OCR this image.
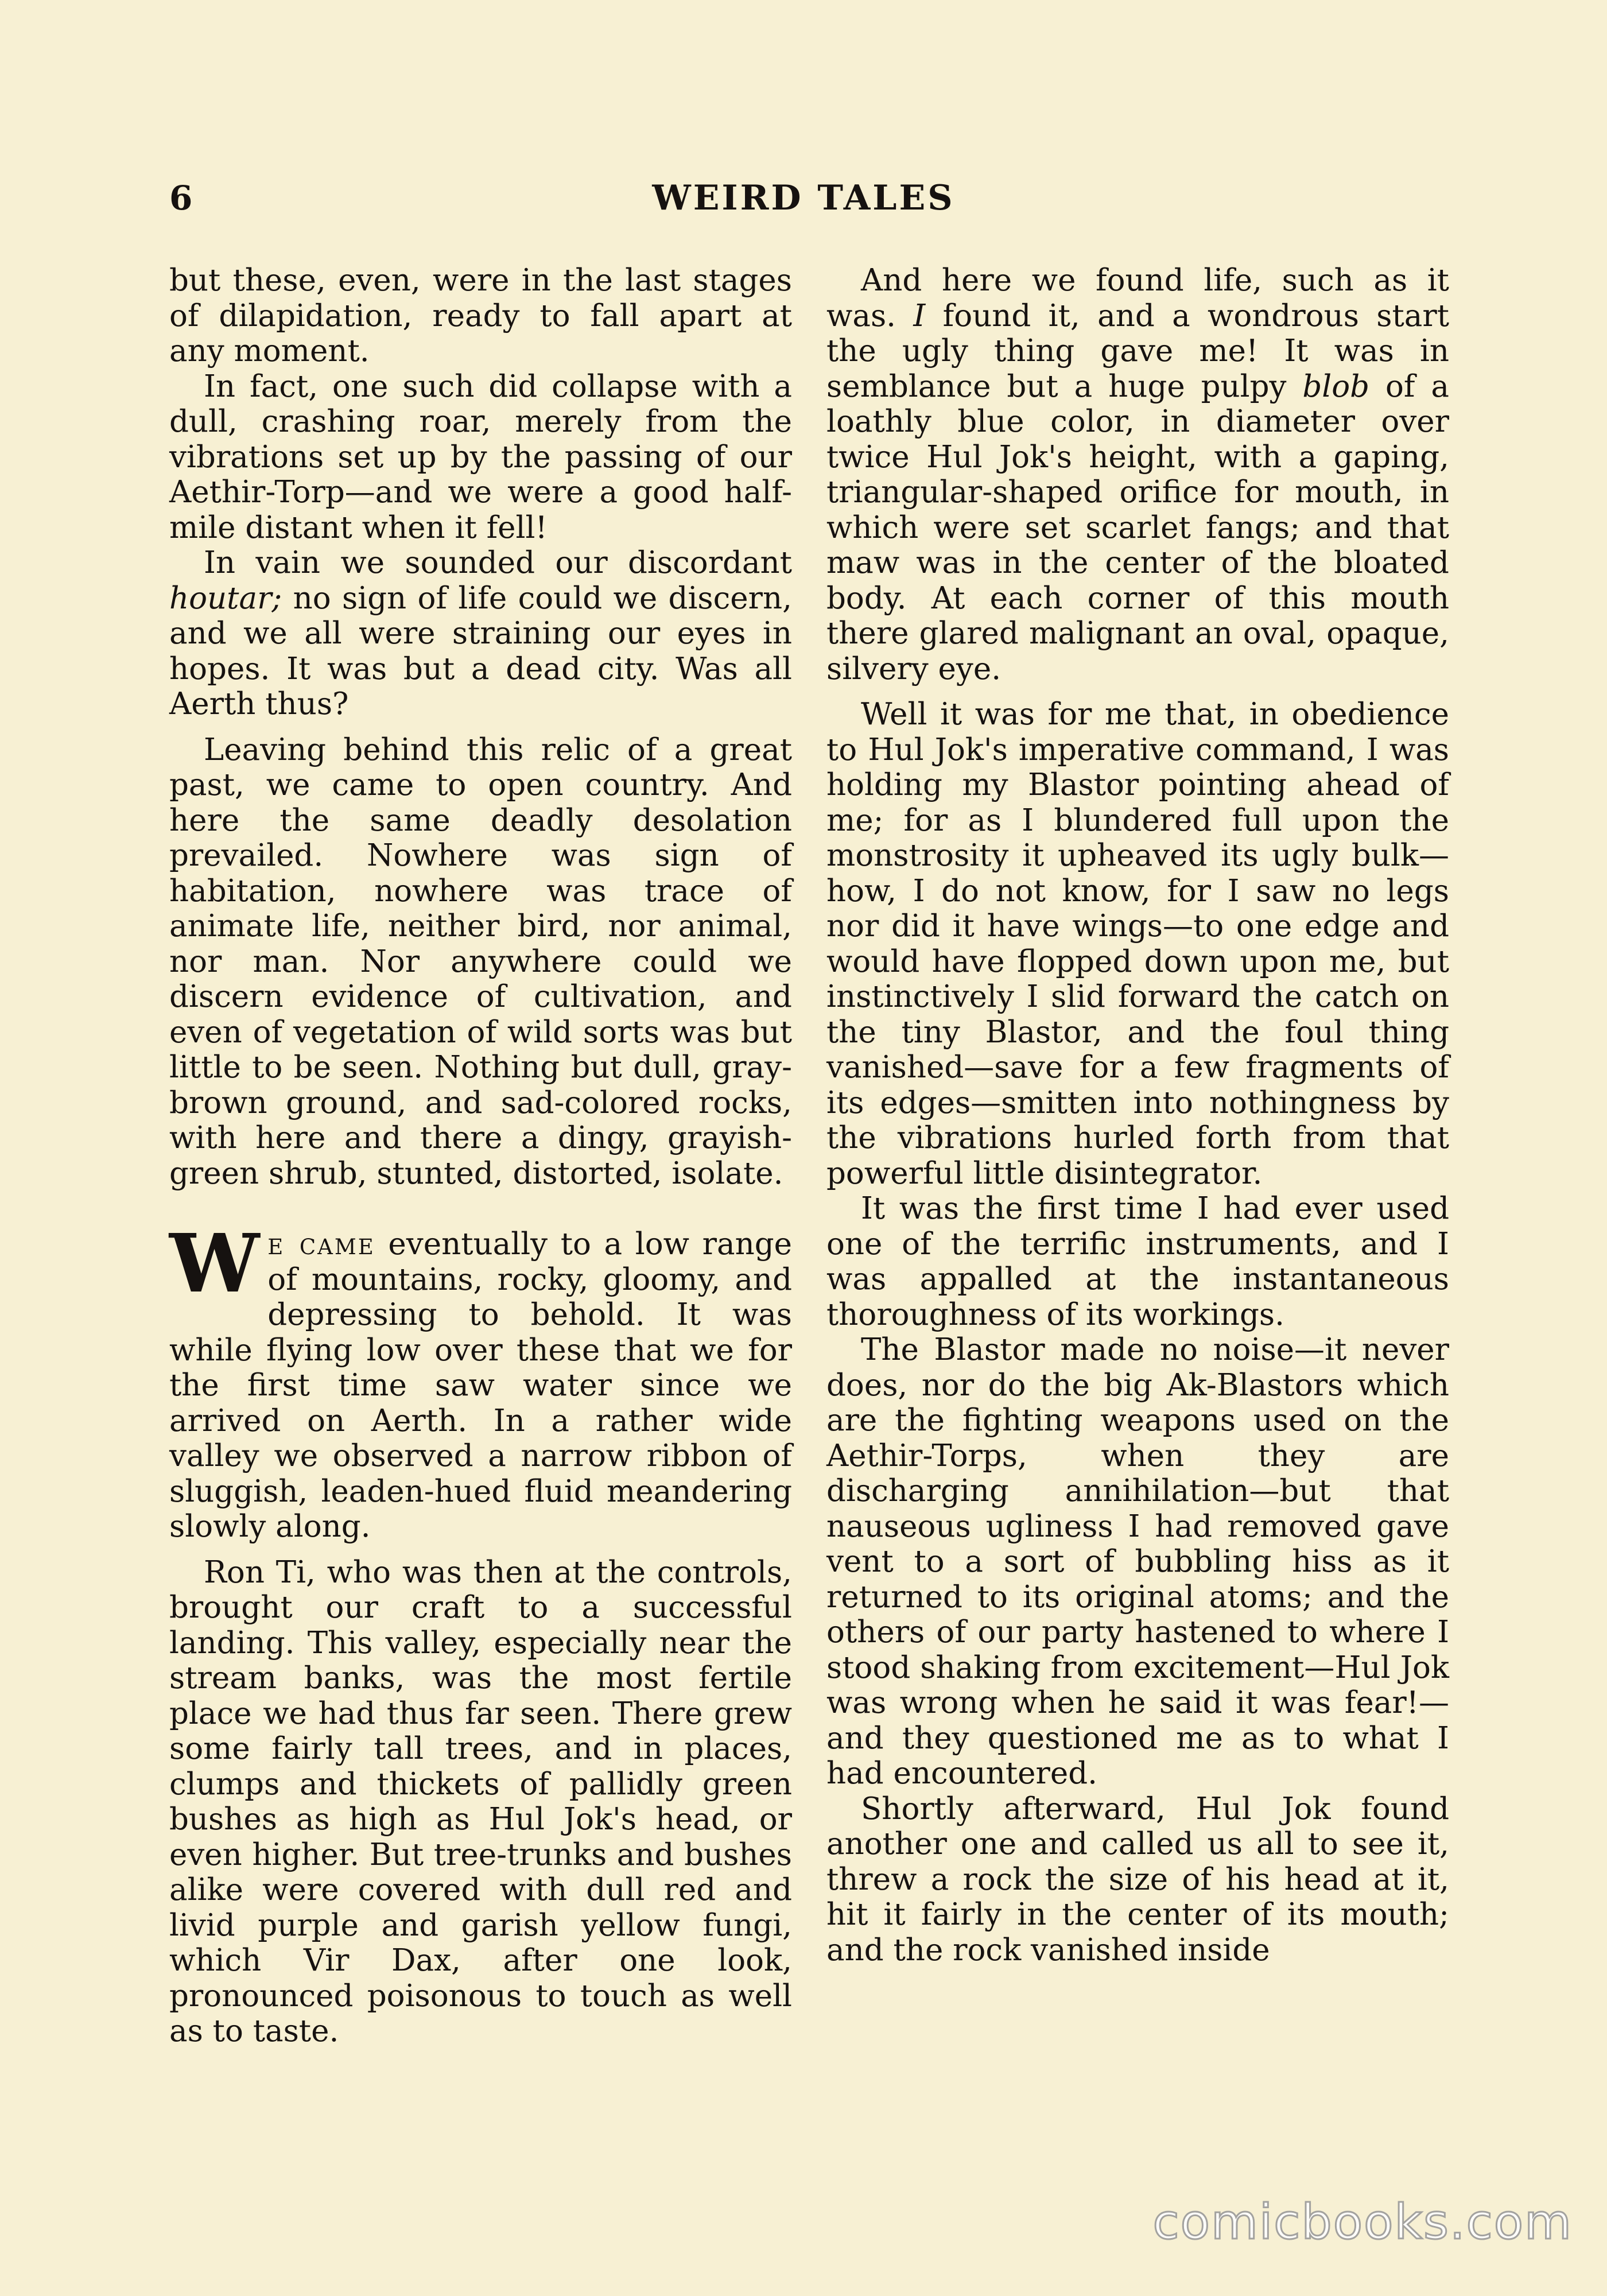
6	WEIRD TALES

but these, even, were in the last stages of dilapidation, ready to fall apart at any moment.

In fact, one such did collapse with a dull, crashing roar, merely from the vibrations set up by the passing of our Aethir-Torp—and we were a good half-mile distant when it fell!

In vain we sounded our discordant houtar; no sign of life could we discern, and we all were straining our eyes in hopes. It was but a dead city. Was all Aerth thus?

Leaving behind this relic of a great past, we came to open country. And here the same deadly desolation prevailed. Nowhere was sign of habitation, nowhere was trace of animate life, neither bird, nor animal, nor man. Nor anywhere could we discern evidence of cultivation, and even of vegetation of wild sorts was but little to be seen. Nothing but dull, gray-brown ground, and sad-colored rocks, with here and there a dingy, grayish-green shrub, stunted, distorted, isolate.

We came eventually to a low range of mountains, rocky, gloomy, and depressing to behold. It was while flying low over these that we for the first time saw water since we arrived on Aerth. In a rather wide valley we observed a narrow ribbon of sluggish, leaden-hued fluid meandering slowly along.

Ron Ti, who was then at the controls, brought our craft to a successful landing. This valley, especially near the stream banks, was the most fertile place we had thus far seen. There grew some fairly tall trees, and in places, clumps and thickets of pallidly green bushes as high as Hul Jok's head, or even higher. But tree-trunks and bushes alike were covered with dull red and livid purple and garish yellow fungi, which Vir Dax, after one look, pronounced poisonous to touch as well as to taste.

And here we found life, such as it was. I found it, and a wondrous start the ugly thing gave me! It was in semblance but a huge pulpy blob of a loathly blue color, in diameter over twice Hul Jok's height, with a gaping, triangular-shaped orifice for mouth, in which were set scarlet fangs; and that maw was in the center of the bloated body. At each corner of this mouth there glared malignant an oval, opaque, silvery eye.

Well it was for me that, in obedience to Hul Jok's imperative command, I was holding my Blastor pointing ahead of me; for as I blundered full upon the monstrosity it upheaved its ugly bulk—how, I do not know, for I saw no legs nor did it have wings—to one edge and would have flopped down upon me, but instinctively I slid forward the catch on the tiny Blastor, and the foul thing vanished—save for a few fragments of its edges—smitten into nothingness by the vibrations hurled forth from that powerful little disintegrator.

It was the first time I had ever used one of the terrific instruments, and I was appalled at the instantaneous thoroughness of its workings.

The Blastor made no noise—it never does, nor do the big Ak-Blastors which are the fighting weapons used on the Aethir-Torps, when they are discharging annihilation—but that nauseous ugliness I had removed gave vent to a sort of bubbling hiss as it returned to its original atoms; and the others of our party hastened to where I stood shaking from excitement—Hul Jok was wrong when he said it was fear!—and they questioned me as to what I had encountered.

Shortly afterward, Hul Jok found another one and called us all to see it, threw a rock the size of his head at it, hit it fairly in the center of its mouth; and the rock vanished inside

comicbooks.com
